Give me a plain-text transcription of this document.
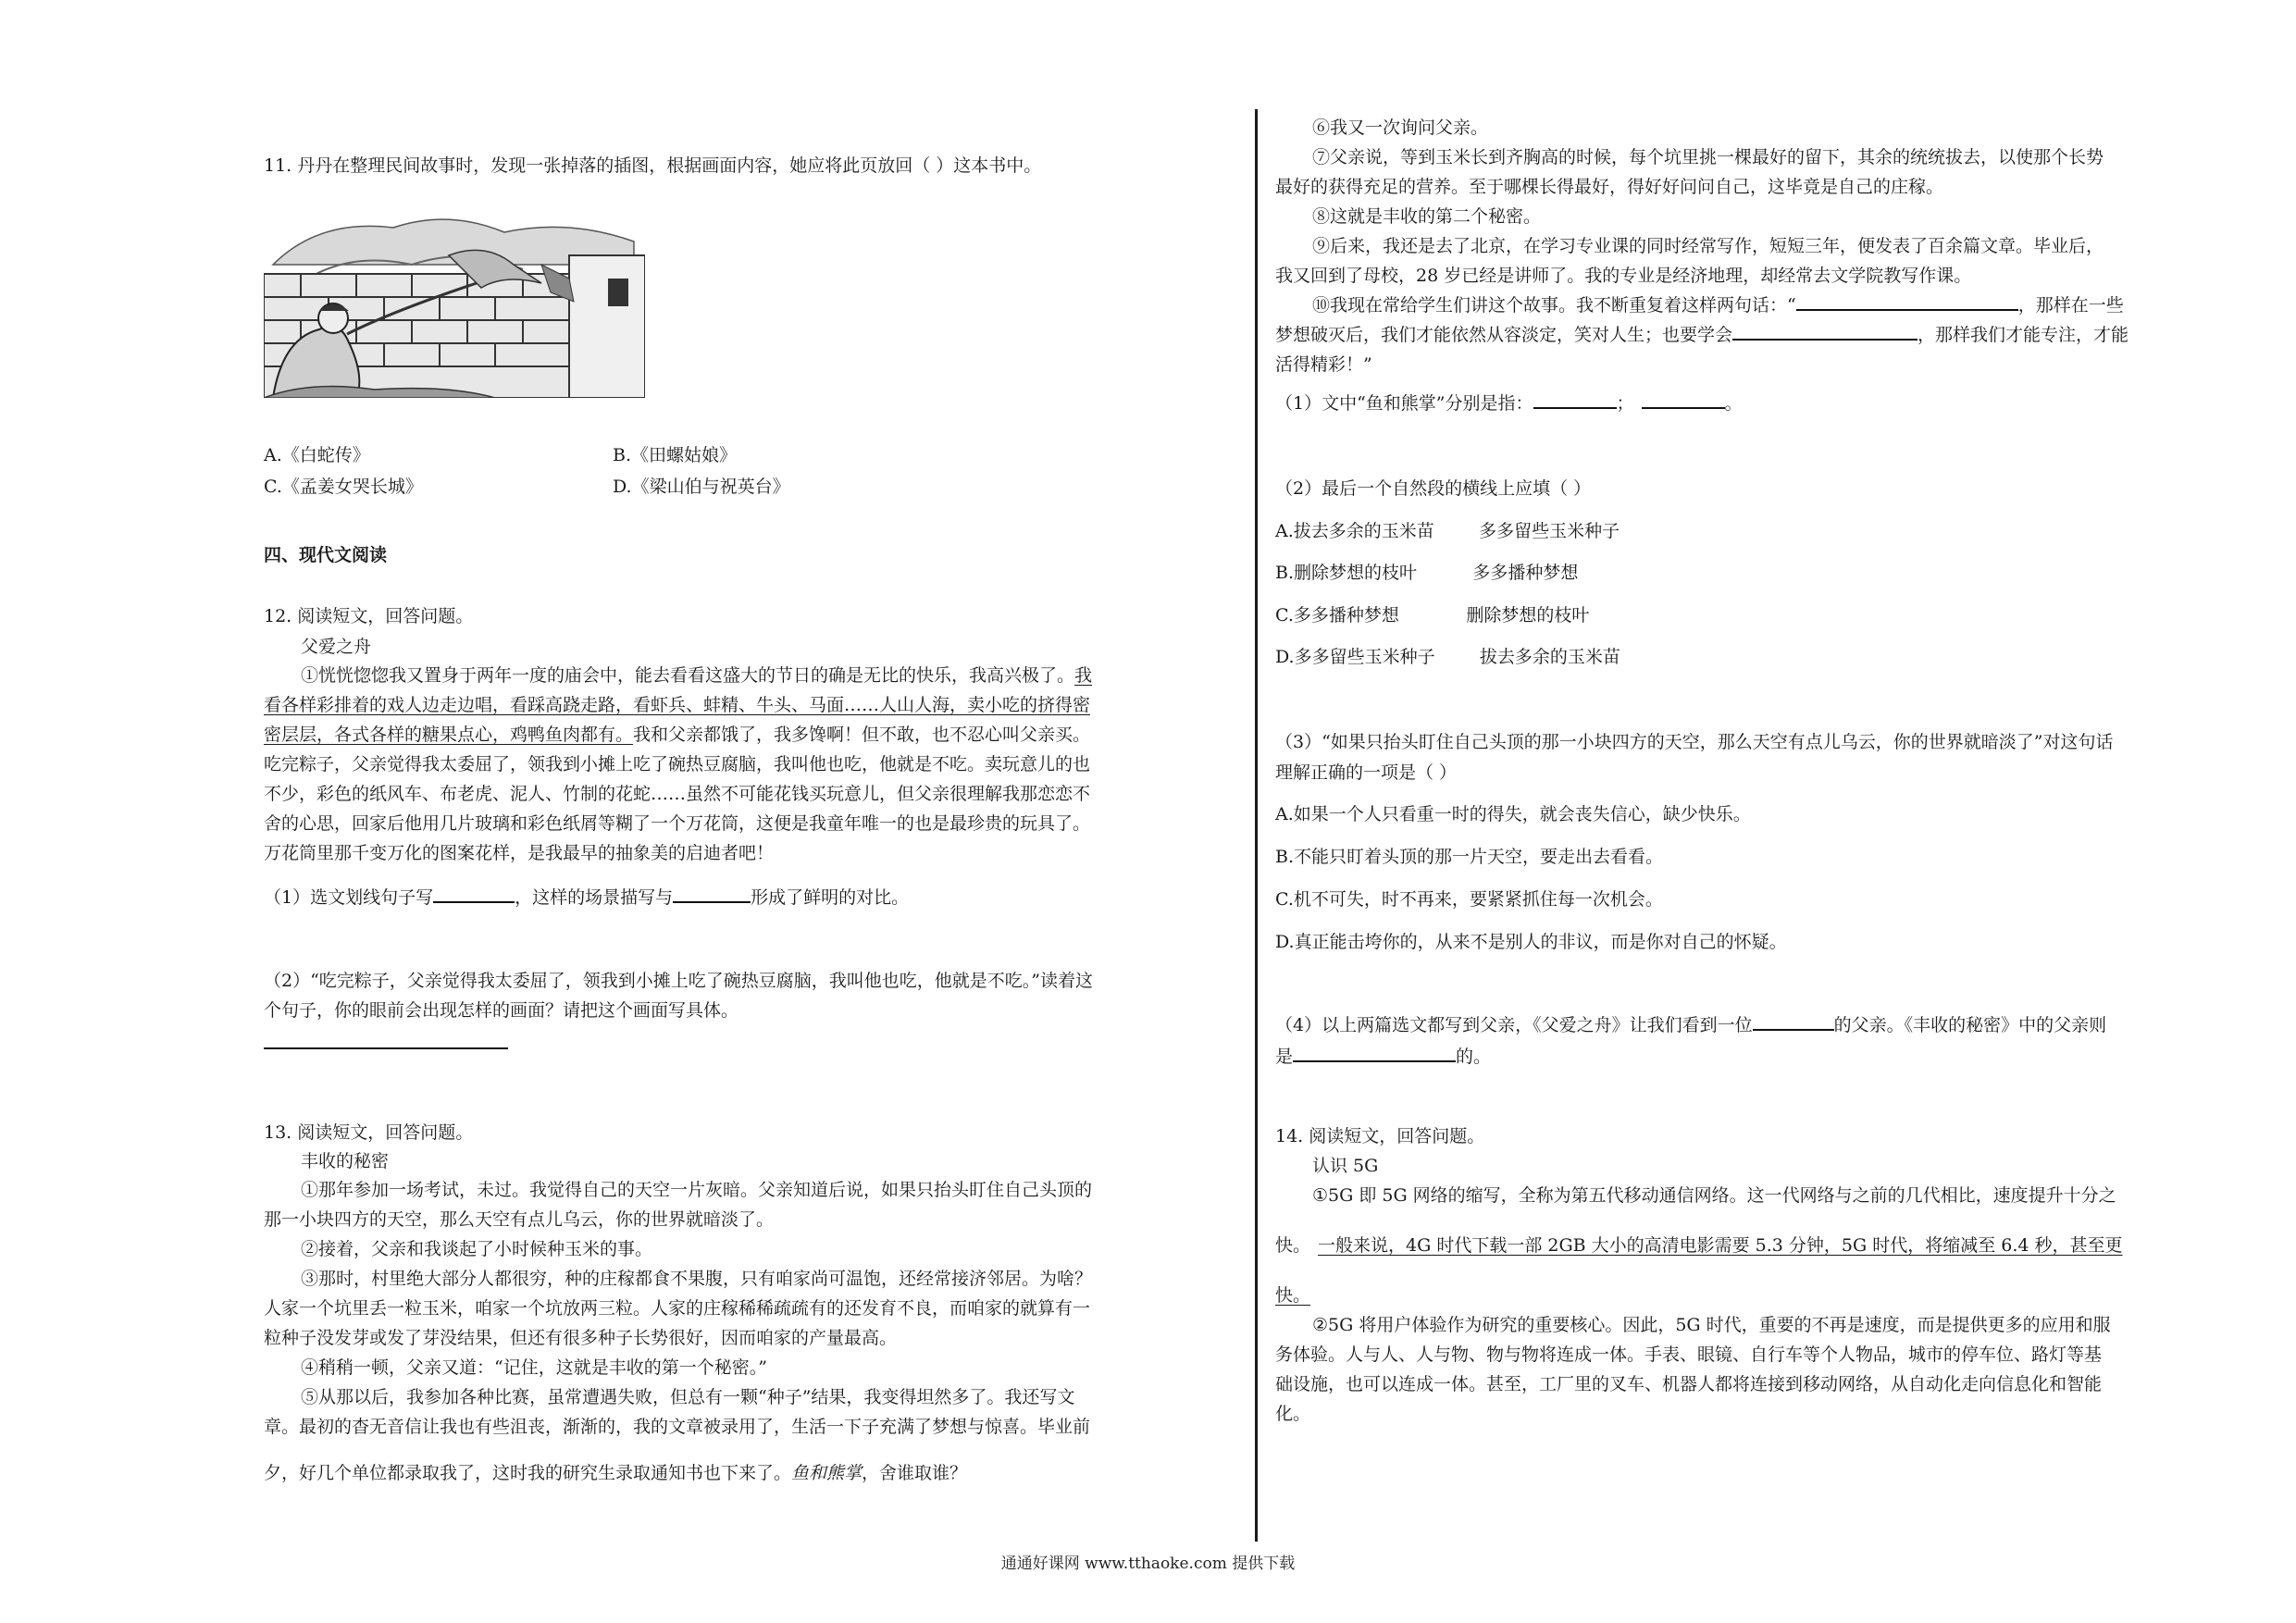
11. 丹丹在整理民间故事时，发现一张掉落的插图，根据画面内容，她应将此页放回（ ）这本书中。
A.《白蛇传》	B.《田螺姑娘》
C.《孟姜女哭长城》	D.《梁山伯与祝英台》
四、现代文阅读
12. 阅读短文，回答问题。
父爱之舟
①恍恍惚惚我又置身于两年一度的庙会中，能去看看这盛大的节日的确是无比的快乐，我高兴极了。我
看各样彩排着的戏人边走边唱，看踩高跷走路，看虾兵、蚌精、牛头、马面……人山人海，卖小吃的挤得密
密层层，各式各样的糖果点心，鸡鸭鱼肉都有。我和父亲都饿了，我多馋啊！但不敢，也不忍心叫父亲买。
吃完粽子，父亲觉得我太委屈了，领我到小摊上吃了碗热豆腐脑，我叫他也吃，他就是不吃。卖玩意儿的也
不少，彩色的纸风车、布老虎、泥人、竹制的花蛇……虽然不可能花钱买玩意儿，但父亲很理解我那恋恋不
舍的心思，回家后他用几片玻璃和彩色纸屑等糊了一个万花筒，这便是我童年唯一的也是最珍贵的玩具了。
万花筒里那千变万化的图案花样，是我最早的抽象美的启迪者吧！
（1）选文划线句子写	，这样的场景描写与	形成了鲜明的对比。
（2）“吃完粽子，父亲觉得我太委屈了，领我到小摊上吃了碗热豆腐脑，我叫他也吃，他就是不吃。”读着这
个句子，你的眼前会出现怎样的画面？请把这个画面写具体。
13. 阅读短文，回答问题。
丰收的秘密
①那年参加一场考试，未过。我觉得自己的天空一片灰暗。父亲知道后说，如果只抬头盯住自己头顶的
那一小块四方的天空，那么天空有点儿乌云，你的世界就暗淡了。
②接着，父亲和我谈起了小时候种玉米的事。
③那时，村里绝大部分人都很穷，种的庄稼都食不果腹，只有咱家尚可温饱，还经常接济邻居。为啥？
人家一个坑里丢一粒玉米，咱家一个坑放两三粒。人家的庄稼稀稀疏疏有的还发育不良，而咱家的就算有一
粒种子没发芽或发了芽没结果，但还有很多种子长势很好，因而咱家的产量最高。
④稍稍一顿，父亲又道：“记住，这就是丰收的第一个秘密。”
⑤从那以后，我参加各种比赛，虽常遭遇失败，但总有一颗“种子”结果，我变得坦然多了。我还写文
章。最初的杳无音信让我也有些沮丧，渐渐的，我的文章被录用了，生活一下子充满了梦想与惊喜。毕业前
夕，好几个单位都录取我了，这时我的研究生录取通知书也下来了。鱼和熊掌，舍谁取谁？
⑥我又一次询问父亲。
⑦父亲说，等到玉米长到齐胸高的时候，每个坑里挑一棵最好的留下，其余的统统拔去，以使那个长势
最好的获得充足的营养。至于哪棵长得最好，得好好问问自己，这毕竟是自己的庄稼。
⑧这就是丰收的第二个秘密。
⑨后来，我还是去了北京，在学习专业课的同时经常写作，短短三年，便发表了百余篇文章。毕业后，
我又回到了母校，28 岁已经是讲师了。我的专业是经济地理，却经常去文学院教写作课。
⑩我现在常给学生们讲这个故事。我不断重复着这样两句话：“	，那样在一些
梦想破灭后，我们才能依然从容淡定，笑对人生；也要学会	，那样我们才能专注，才能
活得精彩！”
（1）文中“鱼和熊掌”分别是指：	；	。
（2）最后一个自然段的横线上应填（ ）
A.拔去多余的玉米苗        多多留些玉米种子
B.删除梦想的枝叶          多多播种梦想
C.多多播种梦想            删除梦想的枝叶
D.多多留些玉米种子        拔去多余的玉米苗
（3）“如果只抬头盯住自己头顶的那一小块四方的天空，那么天空有点儿乌云，你的世界就暗淡了”对这句话
理解正确的一项是（ ）
A.如果一个人只看重一时的得失，就会丧失信心，缺少快乐。
B.不能只盯着头顶的那一片天空，要走出去看看。
C.机不可失，时不再来，要紧紧抓住每一次机会。
D.真正能击垮你的，从来不是别人的非议，而是你对自己的怀疑。
（4）以上两篇选文都写到父亲，《父爱之舟》让我们看到一位	的父亲。《丰收的秘密》中的父亲则
是	的。
14. 阅读短文，回答问题。
认识 5G
①5G 即 5G 网络的缩写，全称为第五代移动通信网络。这一代网络与之前的几代相比，速度提升十分之
快。 一般来说，4G 时代下载一部 2GB 大小的高清电影需要 5.3 分钟，5G 时代，将缩减至 6.4 秒，甚至更
快。
②5G 将用户体验作为研究的重要核心。因此，5G 时代，重要的不再是速度，而是提供更多的应用和服
务体验。人与人、人与物、物与物将连成一体。手表、眼镜、自行车等个人物品，城市的停车位、路灯等基
础设施，也可以连成一体。甚至，工厂里的叉车、机器人都将连接到移动网络，从自动化走向信息化和智能
化。
通通好课网 www.tthaoke.com 提供下载
